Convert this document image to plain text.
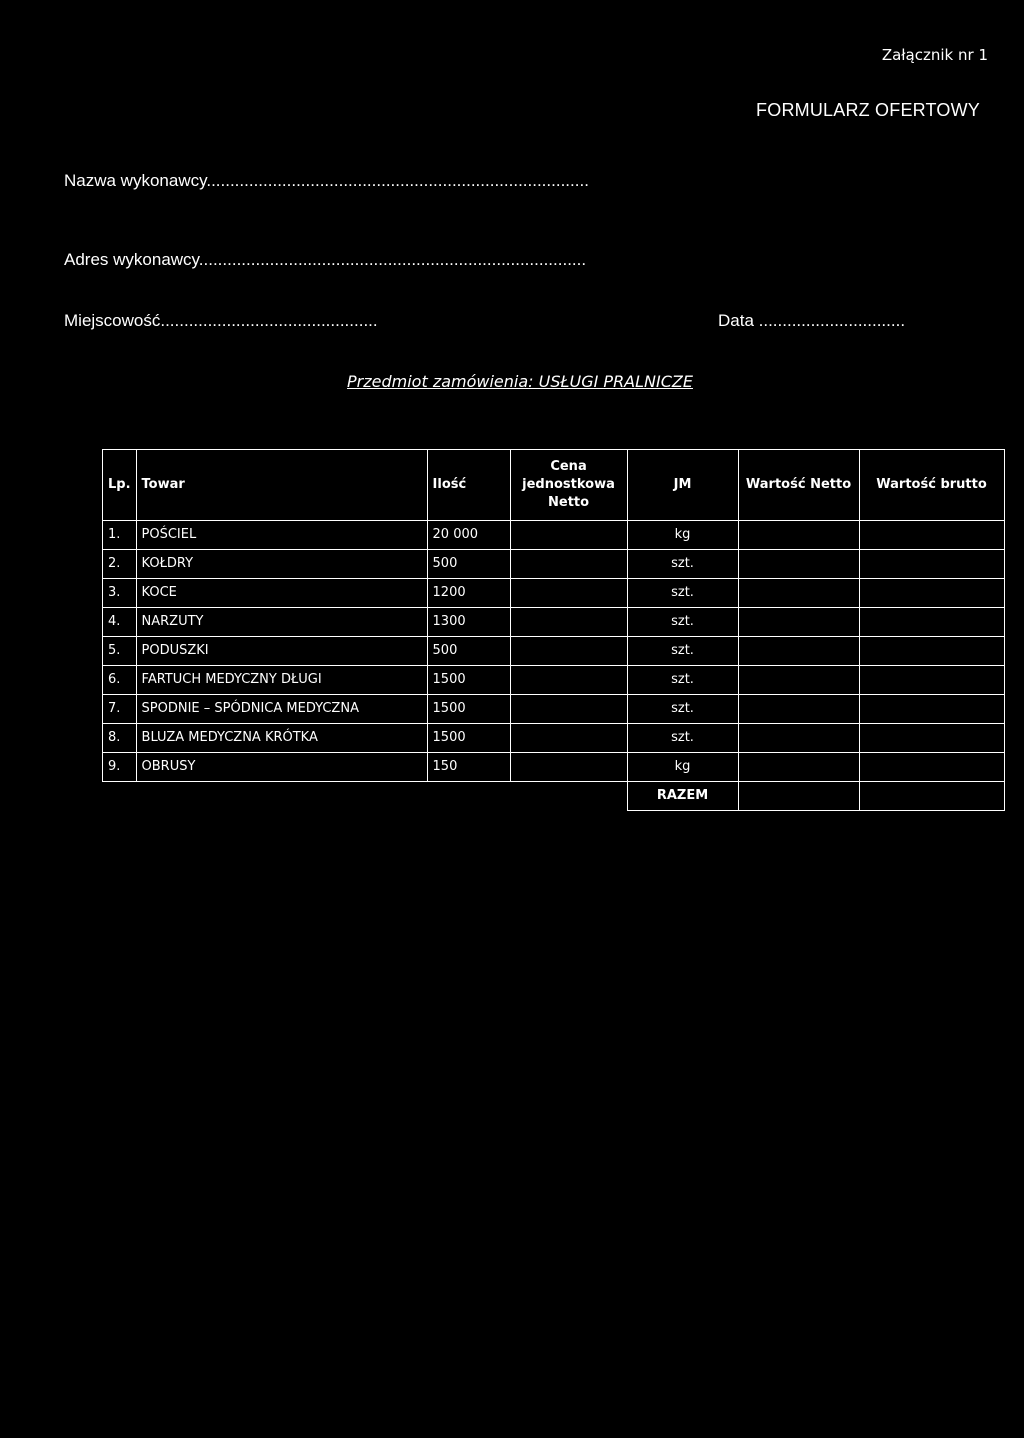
Załącznik nr 1
FORMULARZ OFERTOWY
Nazwa wykonawcy.................................................................................
Adres wykonawcy..................................................................................
Miejscowość..............................................	Data ...............................
Przedmiot zamówienia: USŁUGI PRALNICZE
Lp.	Towar	Ilość	Cena
jednostkowa
Netto	JM	Wartość Netto	Wartość brutto
1.	POŚCIEL	20 000		kg		
2.	KOŁDRY	500		szt.		
3.	KOCE	1200		szt.		
4.	NARZUTY	1300		szt.		
5.	PODUSZKI	500		szt.		
6.	FARTUCH MEDYCZNY DŁUGI	1500		szt.		
7.	SPODNIE – SPÓDNICA MEDYCZNA	1500		szt.		
8.	BLUZA MEDYCZNA KRÓTKA	1500		szt.		
9.	OBRUSY	150		kg		
				RAZEM		
